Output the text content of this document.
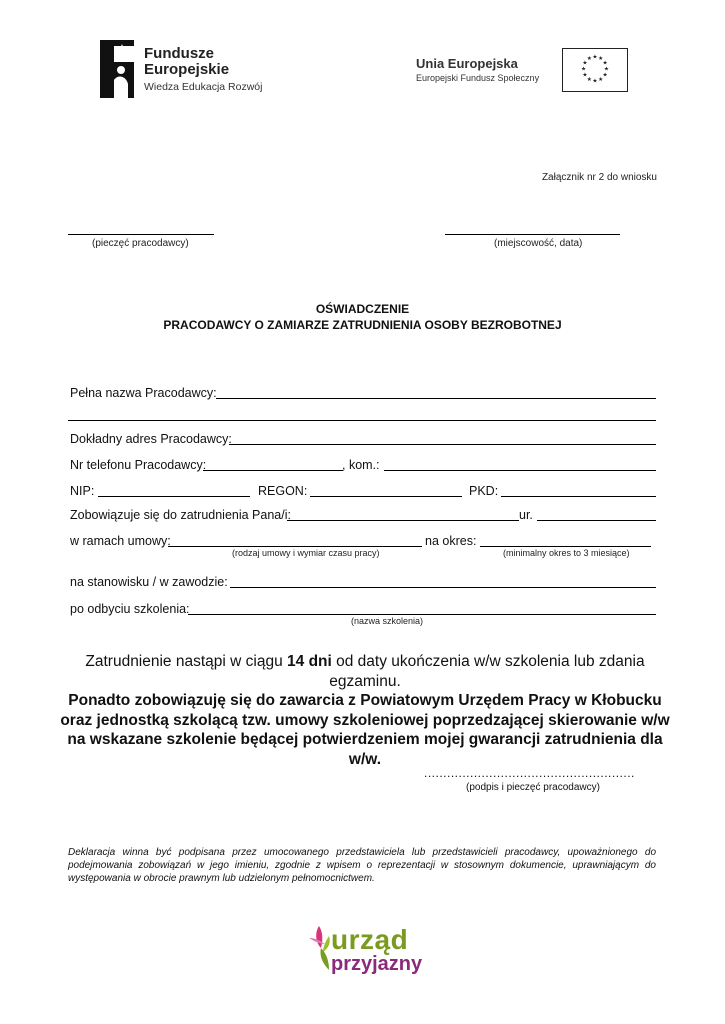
Fundusze
Europejskie
Wiedza Edukacja Rozwój
Unia Europejska
Europejski Fundusz Społeczny
★ ★
★
★
★
★
★
★
★
★
★
★
Załącznik nr 2 do wniosku
(pieczęć pracodawcy)	(miejscowość, data)
OŚWIADCZENIE
PRACODAWCY O ZAMIARZE ZATRUDNIENIA OSOBY BEZROBOTNEJ
Pełna nazwa Pracodawcy:
Dokładny adres Pracodawcy:
Nr telefonu Pracodawcy:	, kom.:
NIP:	REGON:	PKD:
Zobowiązuje się do zatrudnienia Pana/i:	ur.
w ramach umowy:
(rodzaj umowy i wymiar czasu pracy)
na okres:
(minimalny okres to 3 miesiące)
na stanowisku / w zawodzie:
po odbyciu szkolenia:
(nazwa szkolenia)
Zatrudnienie nastąpi w ciągu 14 dni od daty ukończenia w/w szkolenia lub zdania egzaminu.
Ponadto zobowiązuję się do zawarcia z Powiatowym Urzędem Pracy w Kłobucku oraz jednostką szkolącą tzw. umowy szkoleniowej poprzedzającej skierowanie w/w na wskazane szkolenie będącej potwierdzeniem mojej gwarancji zatrudnienia dla w/w.
.......................................................
(podpis i pieczęć pracodawcy)
Deklaracja winna być podpisana przez umocowanego przedstawiciela lub przedstawicieli pracodawcy, upoważnionego do podejmowania zobowiązań w jego imieniu, zgodnie z wpisem o reprezentacji w stosownym dokumencie, uprawniającym do występowania w obrocie prawnym lub udzielonym pełnomocnictwem.
urząd
przyjazny
